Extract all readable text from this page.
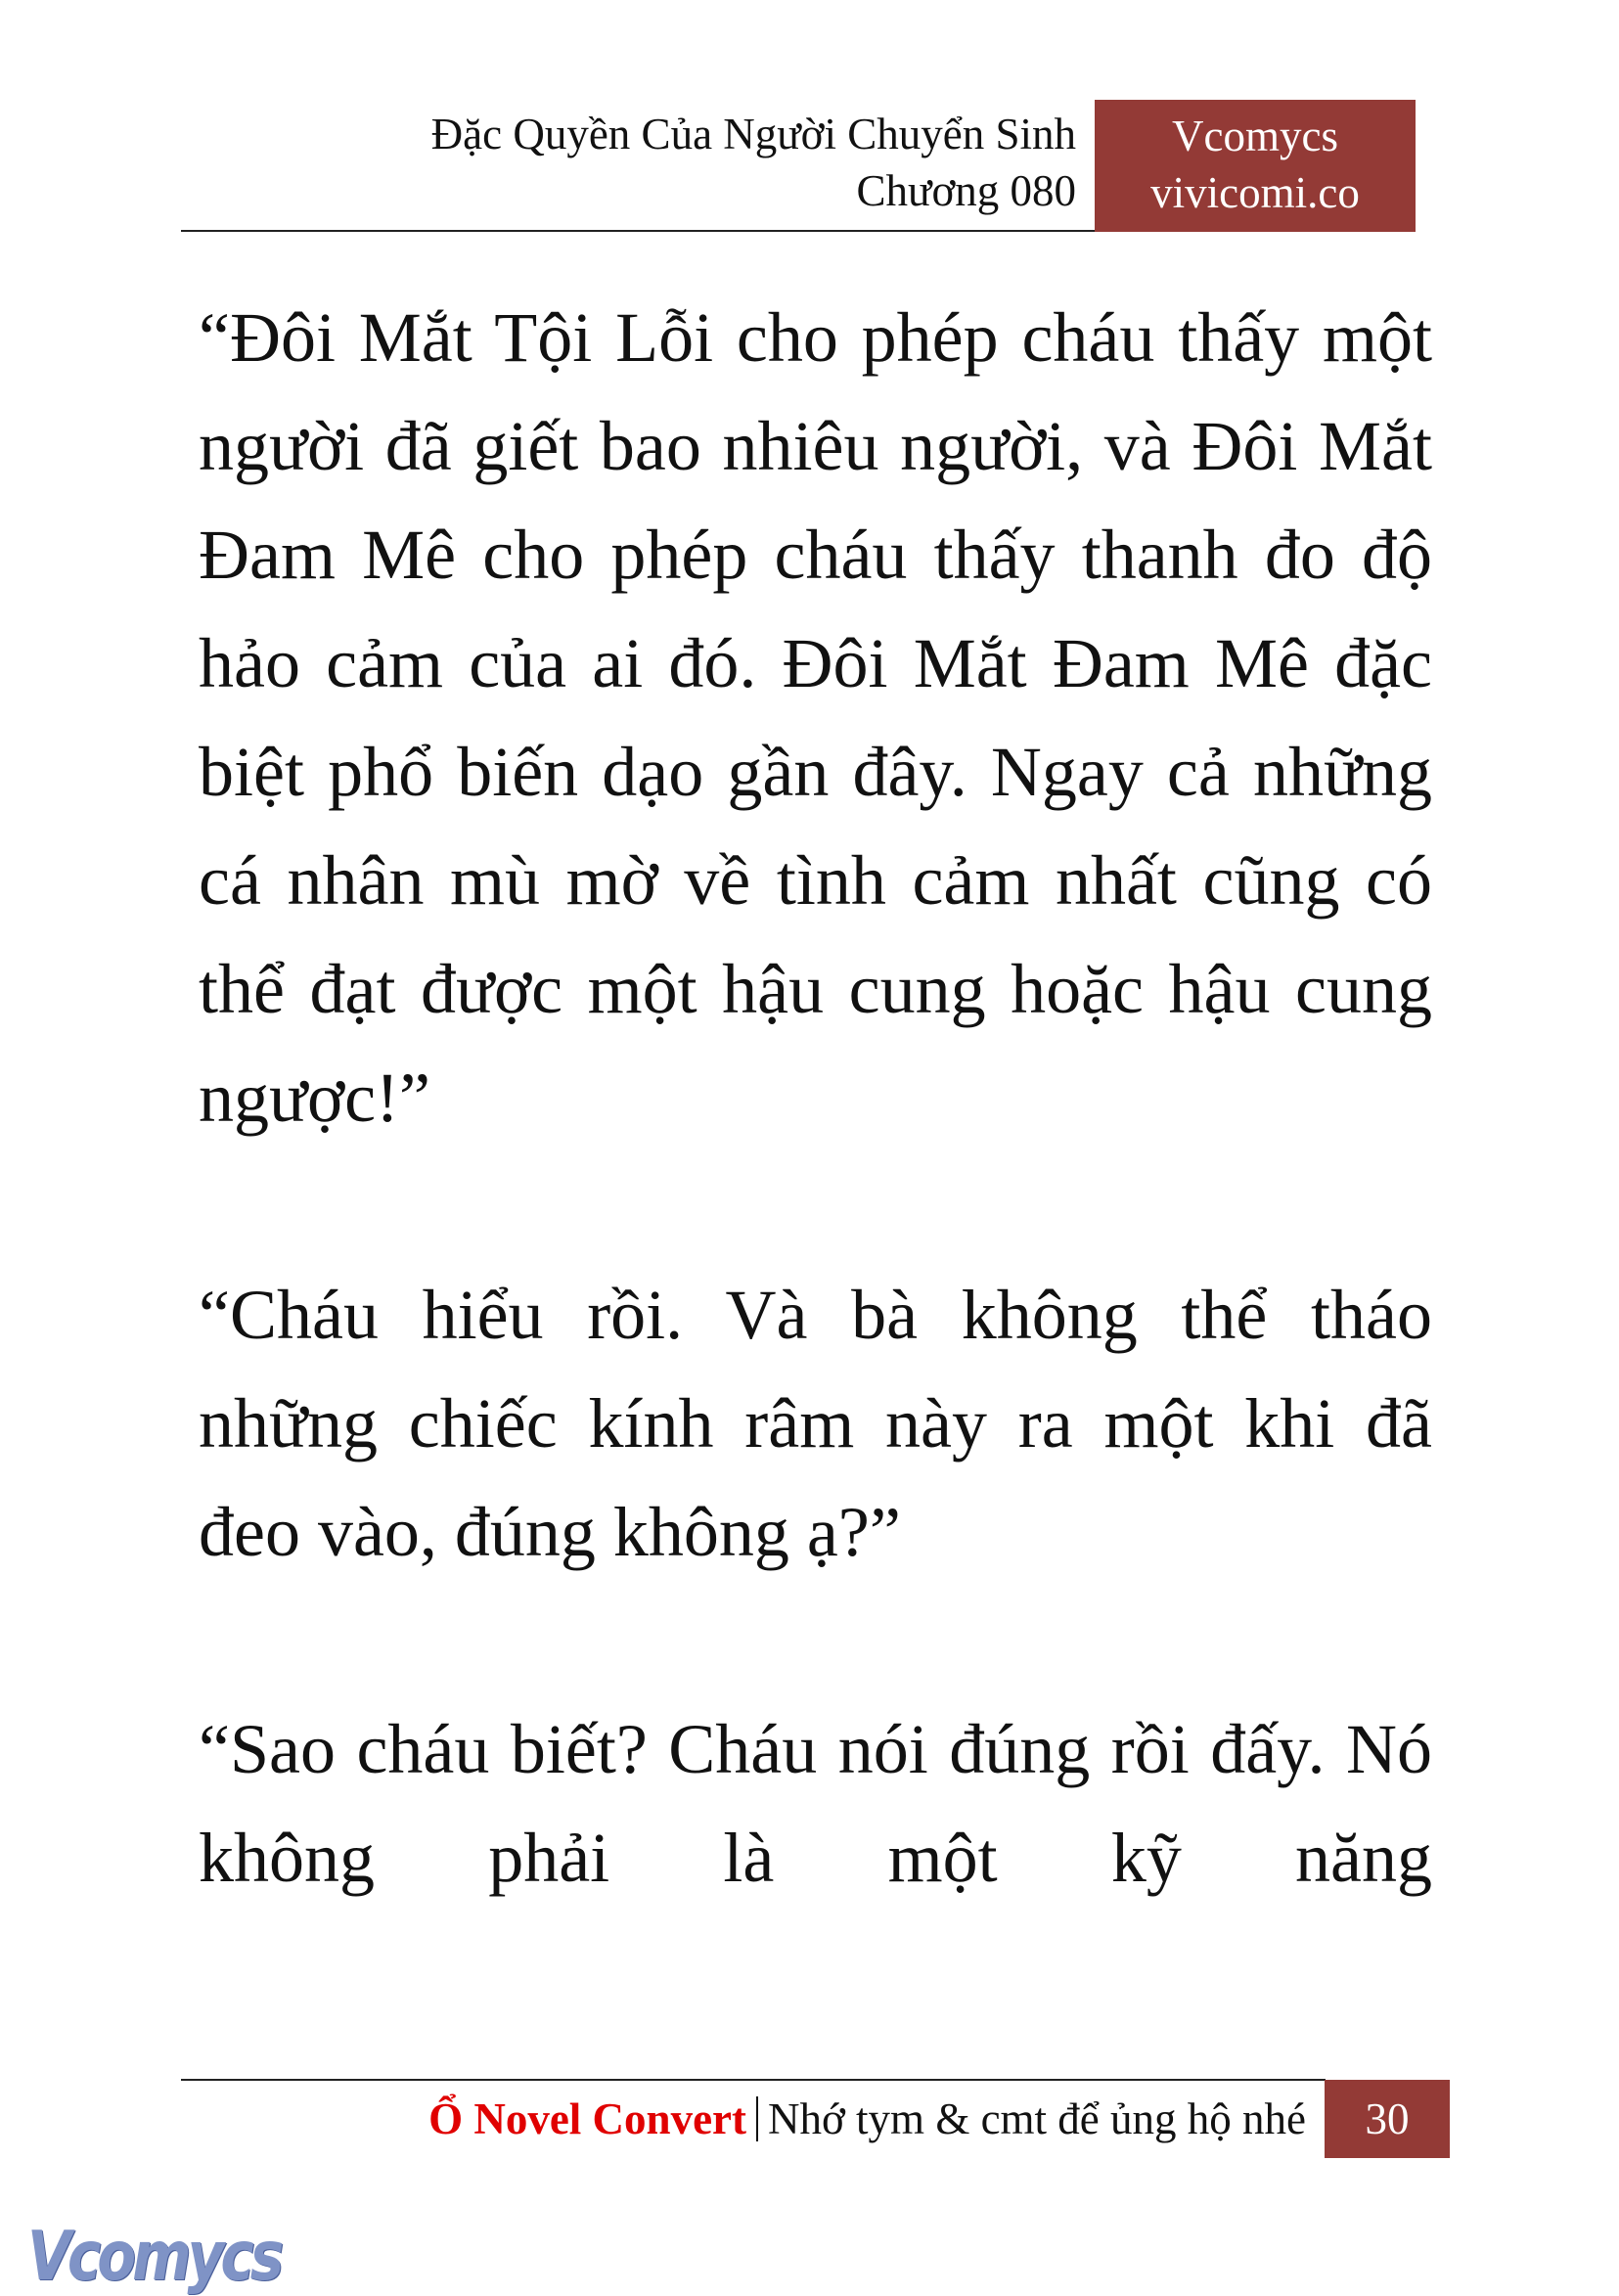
Đặc Quyền Của Người Chuyển Sinh
Chương 080
Vcomycs
vivicomi.co

“Đôi Mắt Tội Lỗi cho phép cháu thấy một người đã giết bao nhiêu người, và Đôi Mắt Đam Mê cho phép cháu thấy thanh đo độ hảo cảm của ai đó. Đôi Mắt Đam Mê đặc biệt phổ biến dạo gần đây. Ngay cả những cá nhân mù mờ về tình cảm nhất cũng có thể đạt được một hậu cung hoặc hậu cung ngược!”

“Cháu hiểu rồi. Và bà không thể tháo những chiếc kính râm này ra một khi đã đeo vào, đúng không ạ?”

“Sao cháu biết? Cháu nói đúng rồi đấy. Nó không phải là một kỹ năng

Ổ Novel Convert Nhớ tym & cmt để ủng hộ nhé	30
Vcomycs
